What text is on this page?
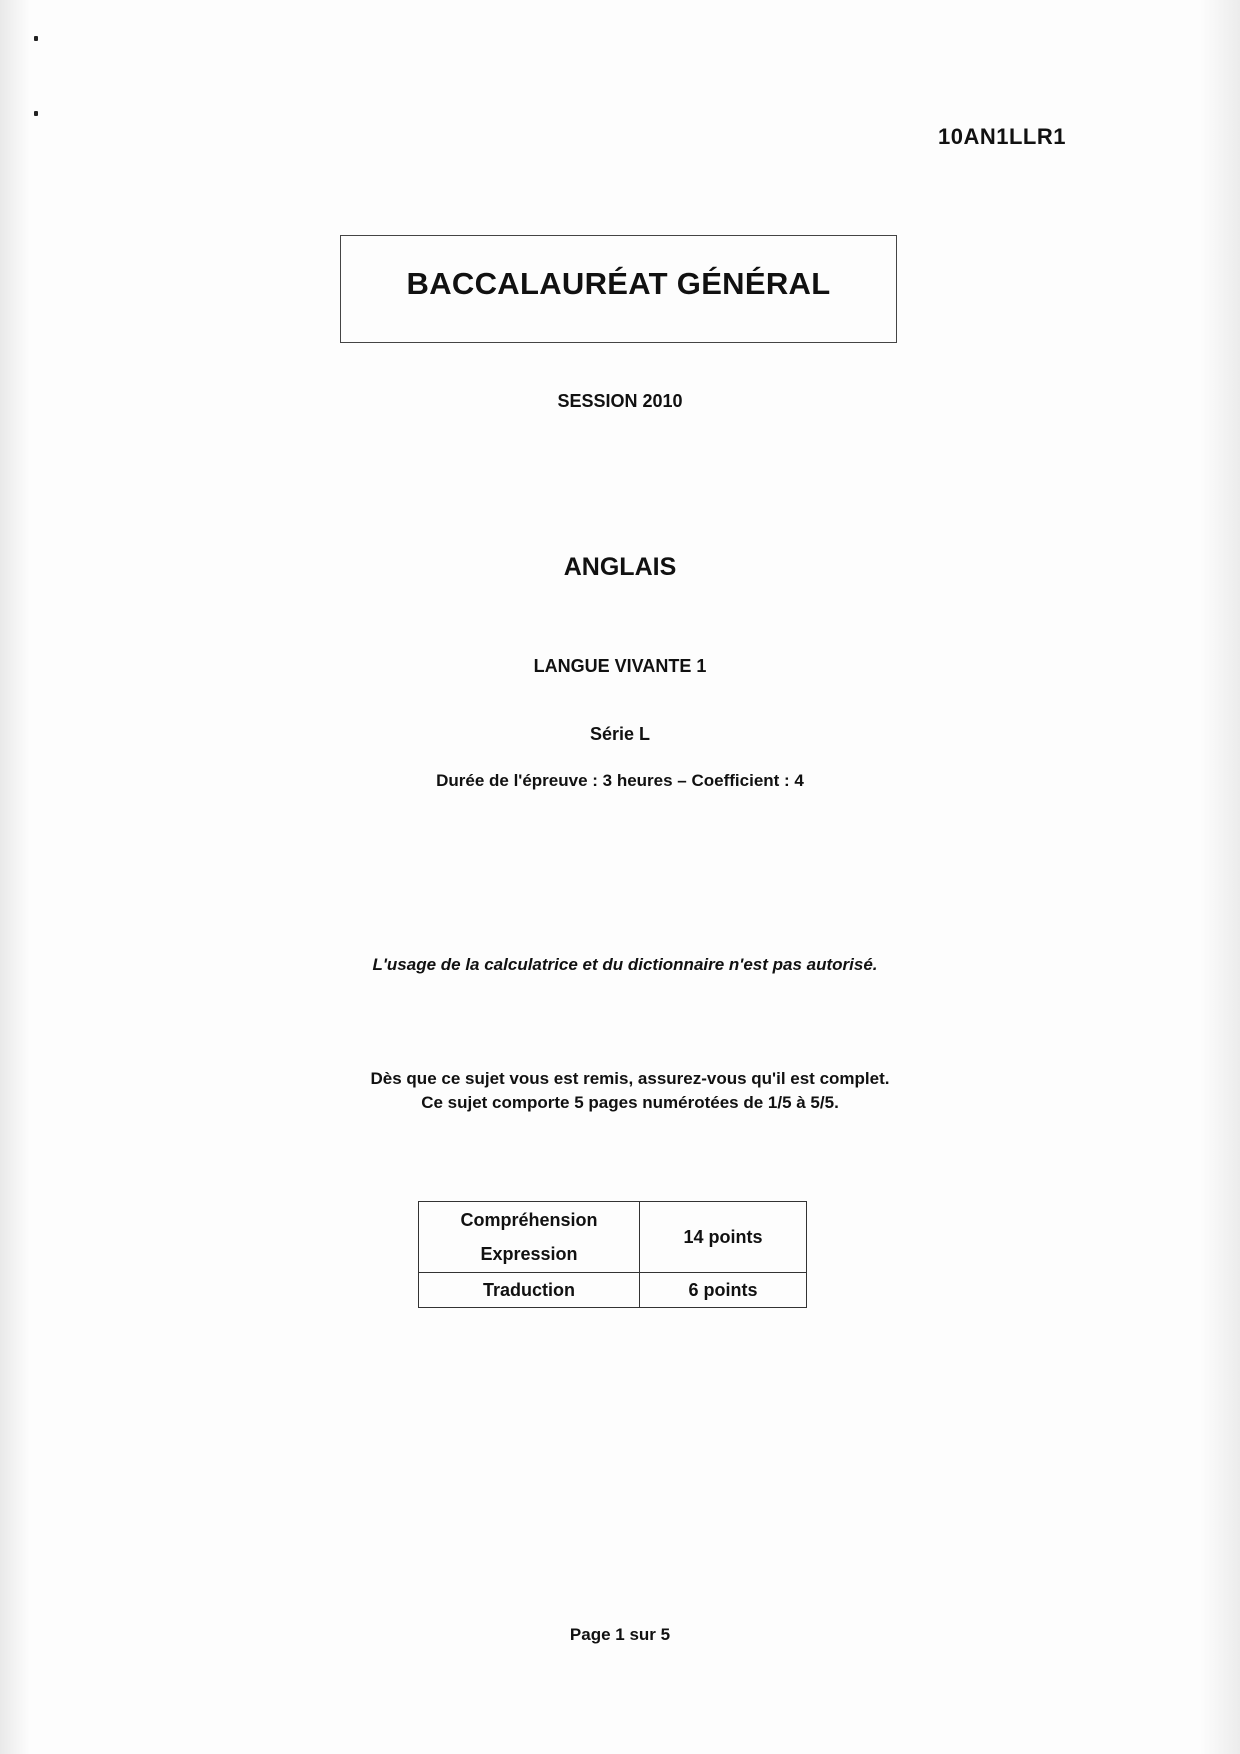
10AN1LLR1
BACCALAURÉAT GÉNÉRAL
SESSION 2010
ANGLAIS
LANGUE VIVANTE 1
Série L
Durée de l'épreuve : 3 heures – Coefficient : 4
L'usage de la calculatrice et du dictionnaire n'est pas autorisé.
Dès que ce sujet vous est remis, assurez-vous qu'il est complet.
Ce sujet comporte 5 pages numérotées de 1/5 à 5/5.
Compréhension
Expression	14 points

Traduction	6 points
Page 1 sur 5
